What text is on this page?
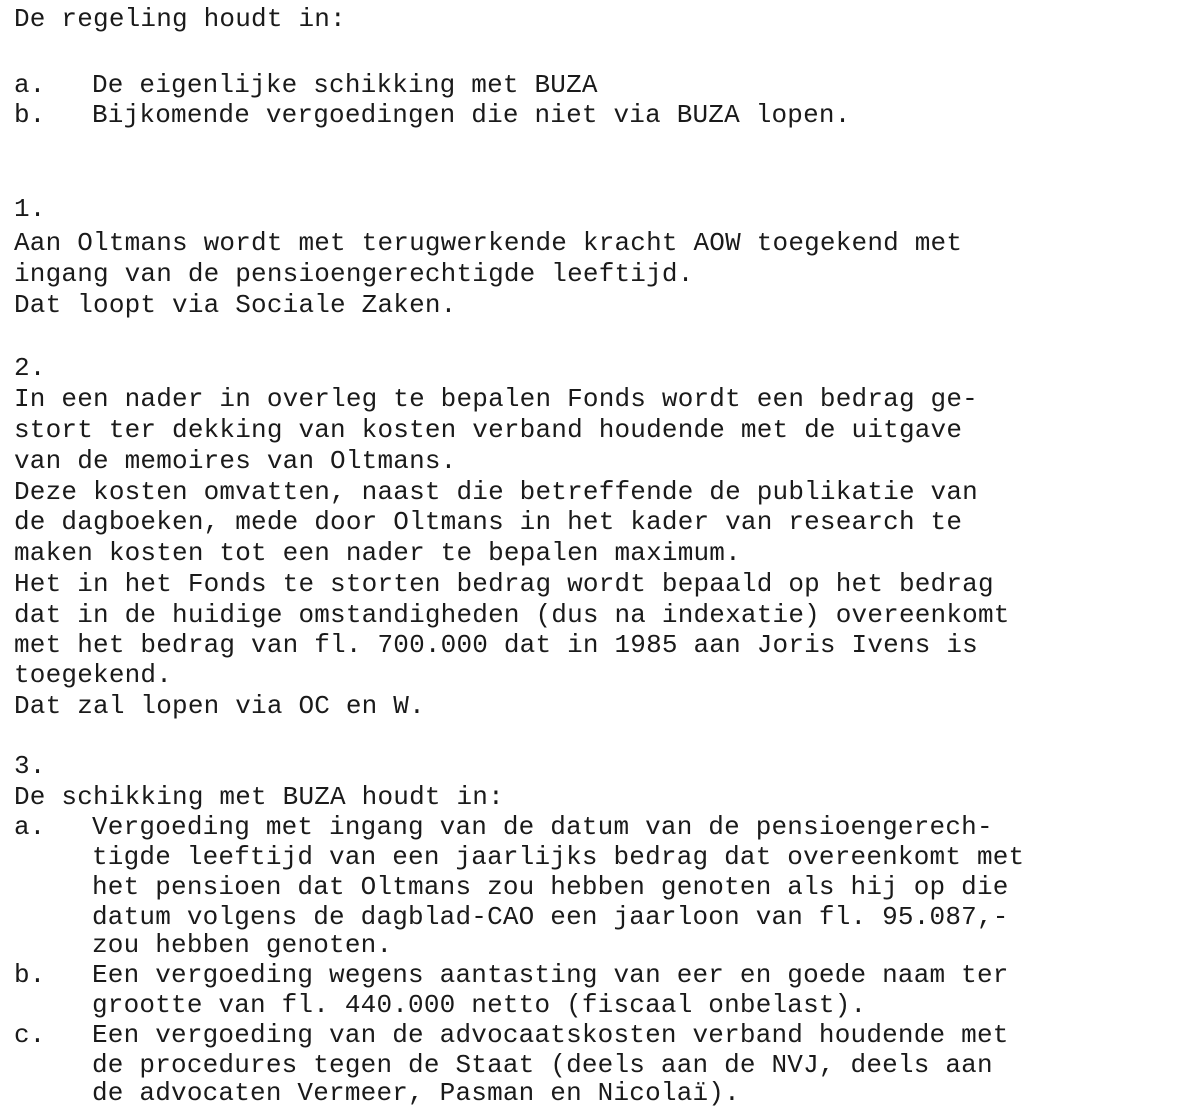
De regeling houdt in:
a. De eigenlijke schikking met BUZA
b. Bijkomende vergoedingen die niet via BUZA lopen.
1.
Aan Oltmans wordt met terugwerkende kracht AOW toegekend met
ingang van de pensioengerechtigde leeftijd.
Dat loopt via Sociale Zaken.
2.
In een nader in overleg te bepalen Fonds wordt een bedrag ge-
stort ter dekking van kosten verband houdende met de uitgave
van de memoires van Oltmans.
Deze kosten omvatten, naast die betreffende de publikatie van
de dagboeken, mede door Oltmans in het kader van research te
maken kosten tot een nader te bepalen maximum.
Het in het Fonds te storten bedrag wordt bepaald op het bedrag
dat in de huidige omstandigheden (dus na indexatie) overeenkomt
met het bedrag van fl. 700.000 dat in 1985 aan Joris Ivens is
toegekend.
Dat zal lopen via OC en W.
3.
De schikking met BUZA houdt in:
a. Vergoeding met ingang van de datum van de pensioengerech-
tigde leeftijd van een jaarlijks bedrag dat overeenkomt met
het pensioen dat Oltmans zou hebben genoten als hij op die
datum volgens de dagblad-CAO een jaarloon van fl. 95.087,-
zou hebben genoten.
b. Een vergoeding wegens aantasting van eer en goede naam ter
grootte van fl. 440.000 netto (fiscaal onbelast).
c. Een vergoeding van de advocaatskosten verband houdende met
de procedures tegen de Staat (deels aan de NVJ, deels aan
de advocaten Vermeer, Pasman en Nicolaï).
